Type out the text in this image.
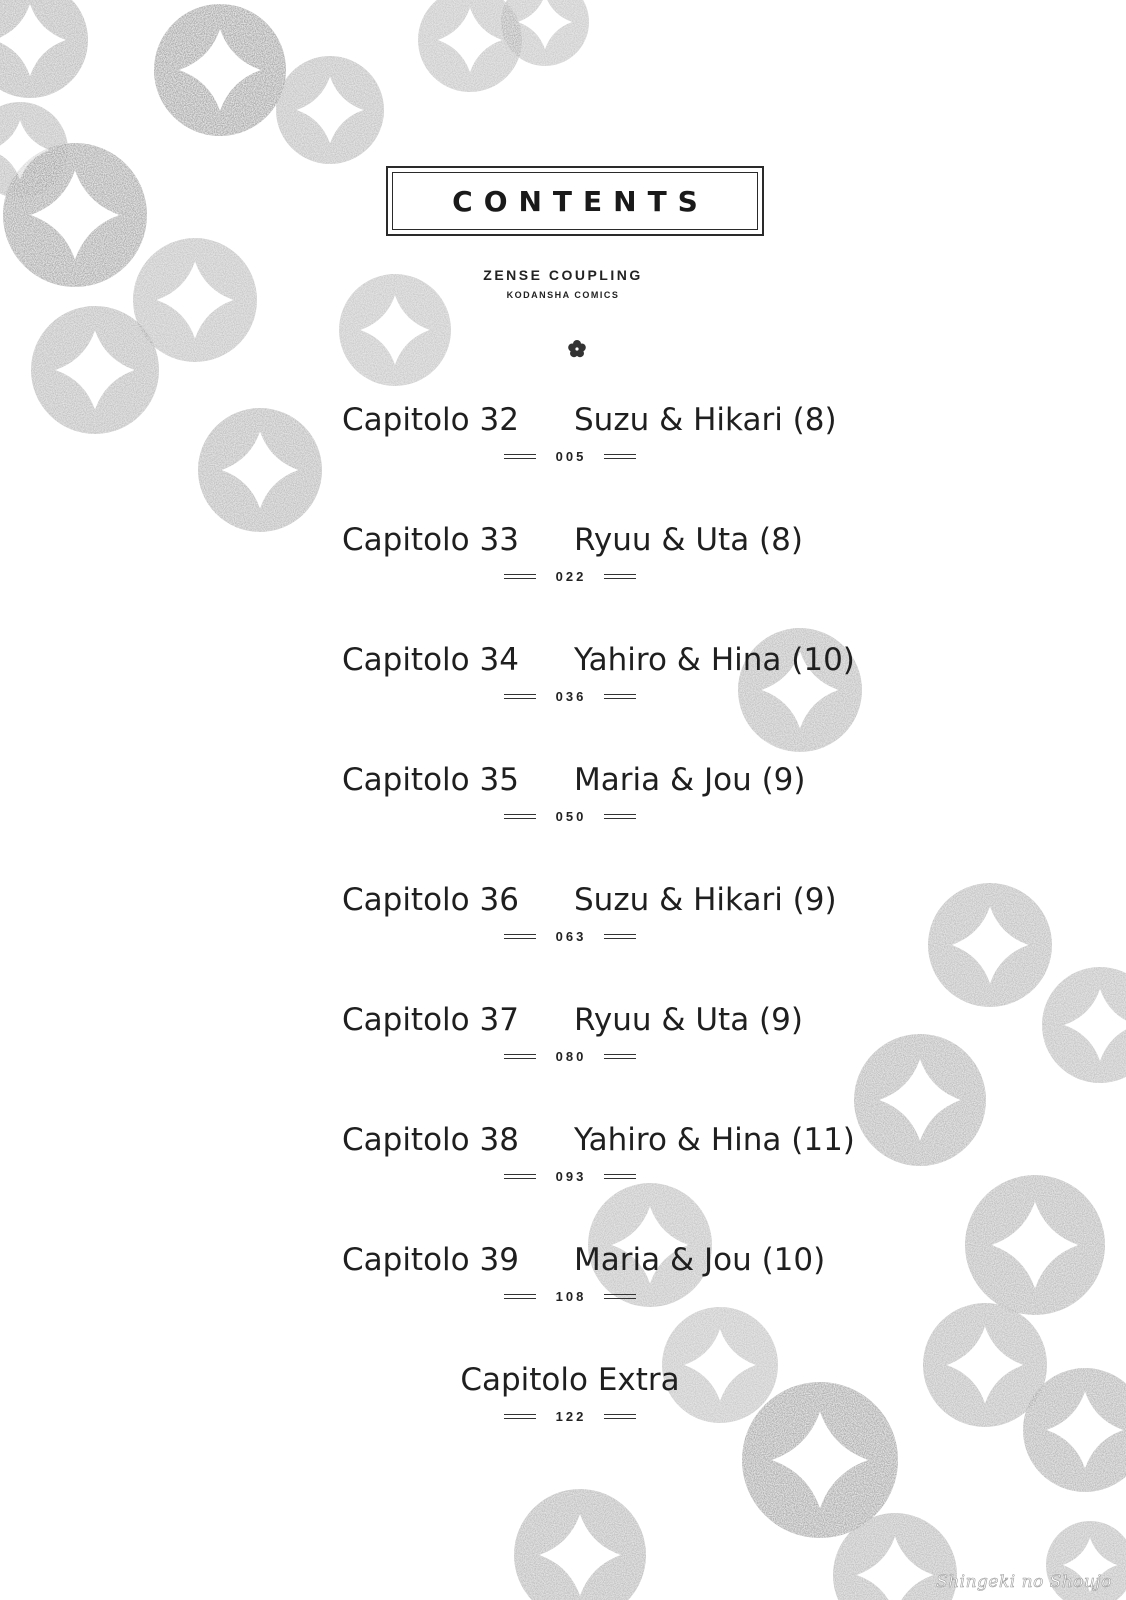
CONTENTS
ZENSE COUPLING
KODANSHA COMICS
Capitolo 32 Suzu & Hikari (8)
005
Capitolo 33 Ryuu & Uta (8)
022
Capitolo 34 Yahiro & Hina (10)
036
Capitolo 35 Maria & Jou (9)
050
Capitolo 36 Suzu & Hikari (9)
063
Capitolo 37 Ryuu & Uta (9)
080
Capitolo 38 Yahiro & Hina (11)
093
Capitolo 39 Maria & Jou (10)
108
Capitolo Extra
122
Shingeki no Shoujo
